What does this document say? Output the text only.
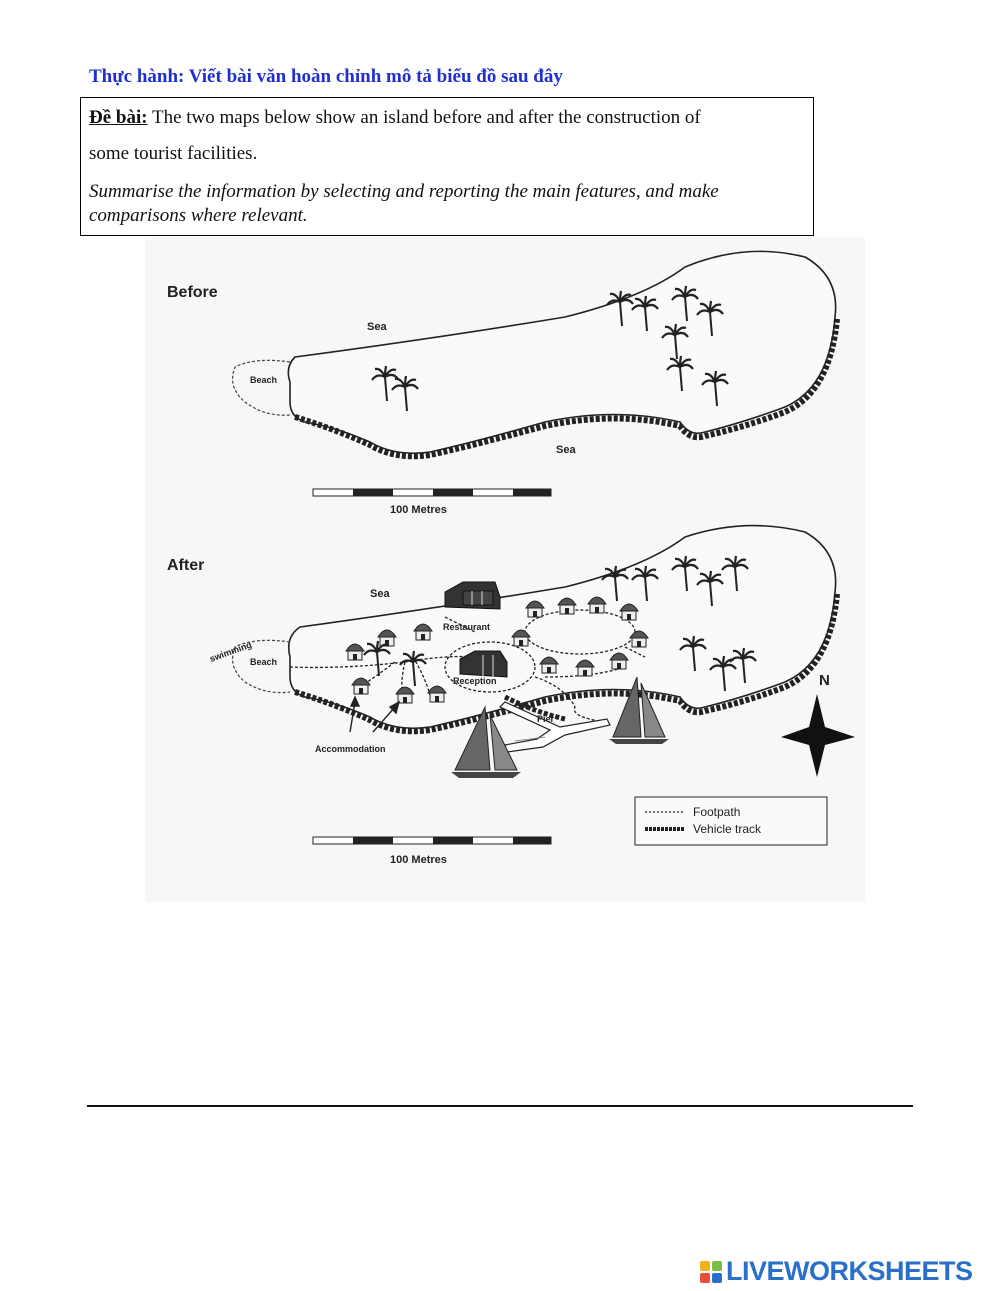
Thực hành: Viết bài văn hoàn chỉnh mô tả biểu đồ sau đây
Đề bài: The two maps below show an island before and after the construction of
some tourist facilities.
Summarise the information by selecting and reporting the main features, and make comparisons where relevant.
Before
Beach
Sea
Sea
100 Metres
After
swimming
Beach
Sea
Restaurant
Reception
Pier
Accommodation
N
Footpath
Vehicle track
100 Metres
LIVEWORKSHEETS
